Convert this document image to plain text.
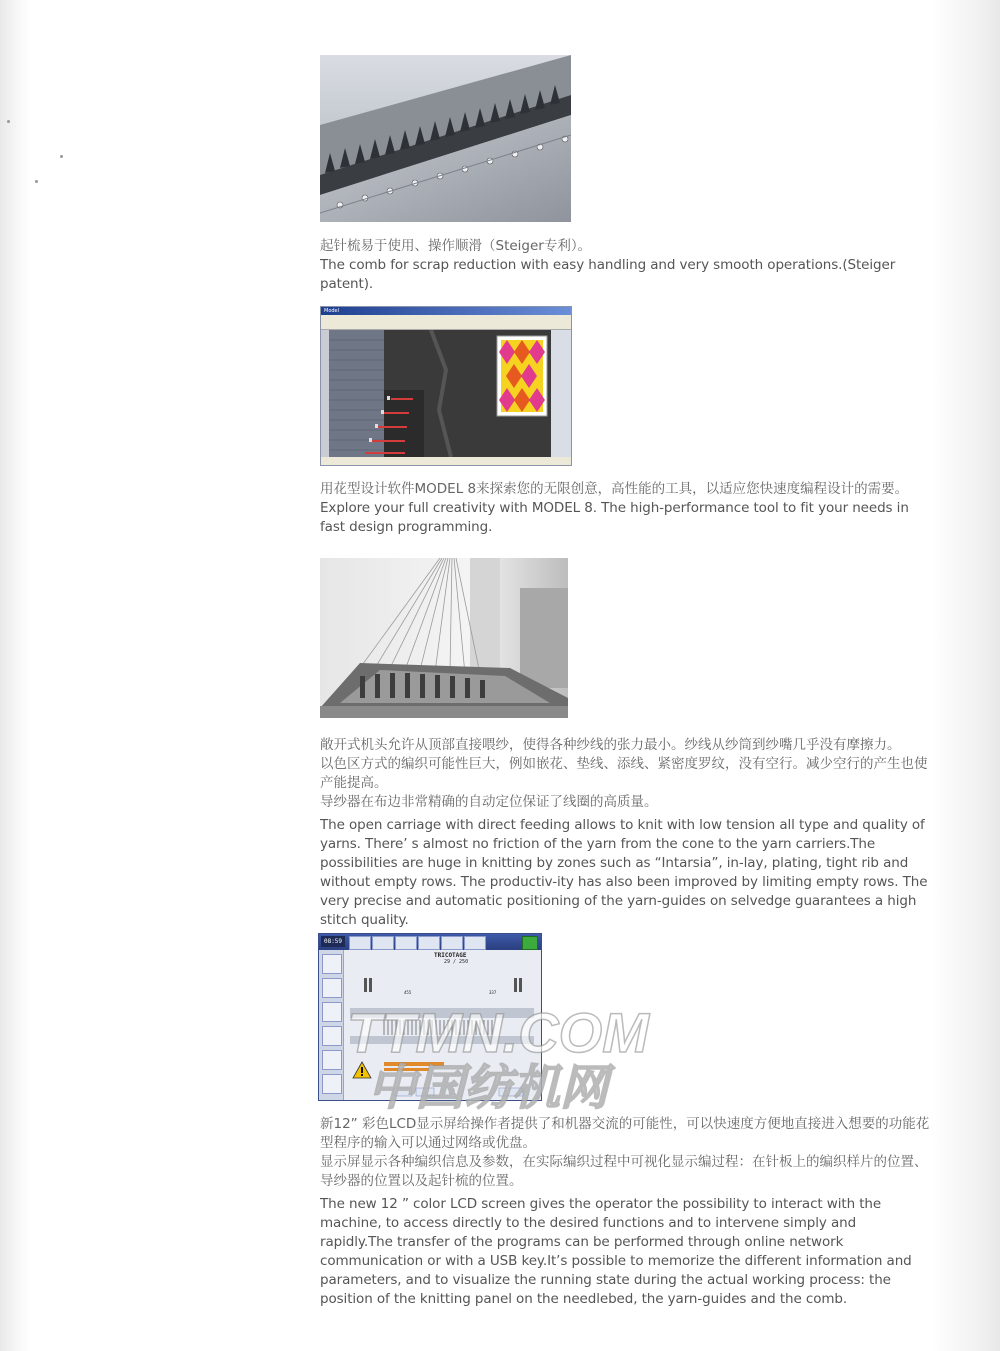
起针梳易于使用、操作顺滑（Steiger专利）。

The comb for scrap reduction with easy handling and very smooth operations.(Steiger patent).

Model

用花型设计软件MODEL 8来探索您的无限创意，高性能的工具，以适应您快速度编程设计的需要。

Explore your full creativity with MODEL 8. The high-performance tool to fit your needs in fast design programming.

敞开式机头允许从顶部直接喂纱，使得各种纱线的张力最小。纱线从纱筒到纱嘴几乎没有摩擦力。

以色区方式的编织可能性巨大，例如嵌花、垫线、添线、紧密度罗纹，没有空行。减少空行的产生也使产能提高。

导纱器在布边非常精确的自动定位保证了线圈的高质量。

The open carriage with direct feeding allows to knit with low tension all type and quality of yarns. There’ s almost no friction of the yarn from the cone to the yarn carriers.The possibilities are huge in knitting by zones such as “Intarsia”, in-lay, plating, tight rib and without empty rows. The productiv-ity has also been improved by limiting empty rows. The very precise and automatic positioning of the yarn-guides on selvedge guarantees a high stitch quality.

08:59
TRICOTAGE
29 / 250
455	337
TTMN.COM
中国纺机网

新12” 彩色LCD显示屏给操作者提供了和机器交流的可能性，可以快速度方便地直接进入想要的功能花型程序的输入可以通过网络或优盘。

显示屏显示各种编织信息及参数，在实际编织过程中可视化显示编过程：在针板上的编织样片的位置、导纱器的位置以及起针梳的位置。

The new 12 ” color LCD screen gives the operator the possibility to interact with the machine, to access directly to the desired functions and to intervene simply and rapidly.The transfer of the programs can be performed through online network communication or with a USB key.It’s possible to memorize the different information and parameters, and to visualize the running state during the actual working process: the position of the knitting panel on the needlebed, the yarn-guides and the comb.
